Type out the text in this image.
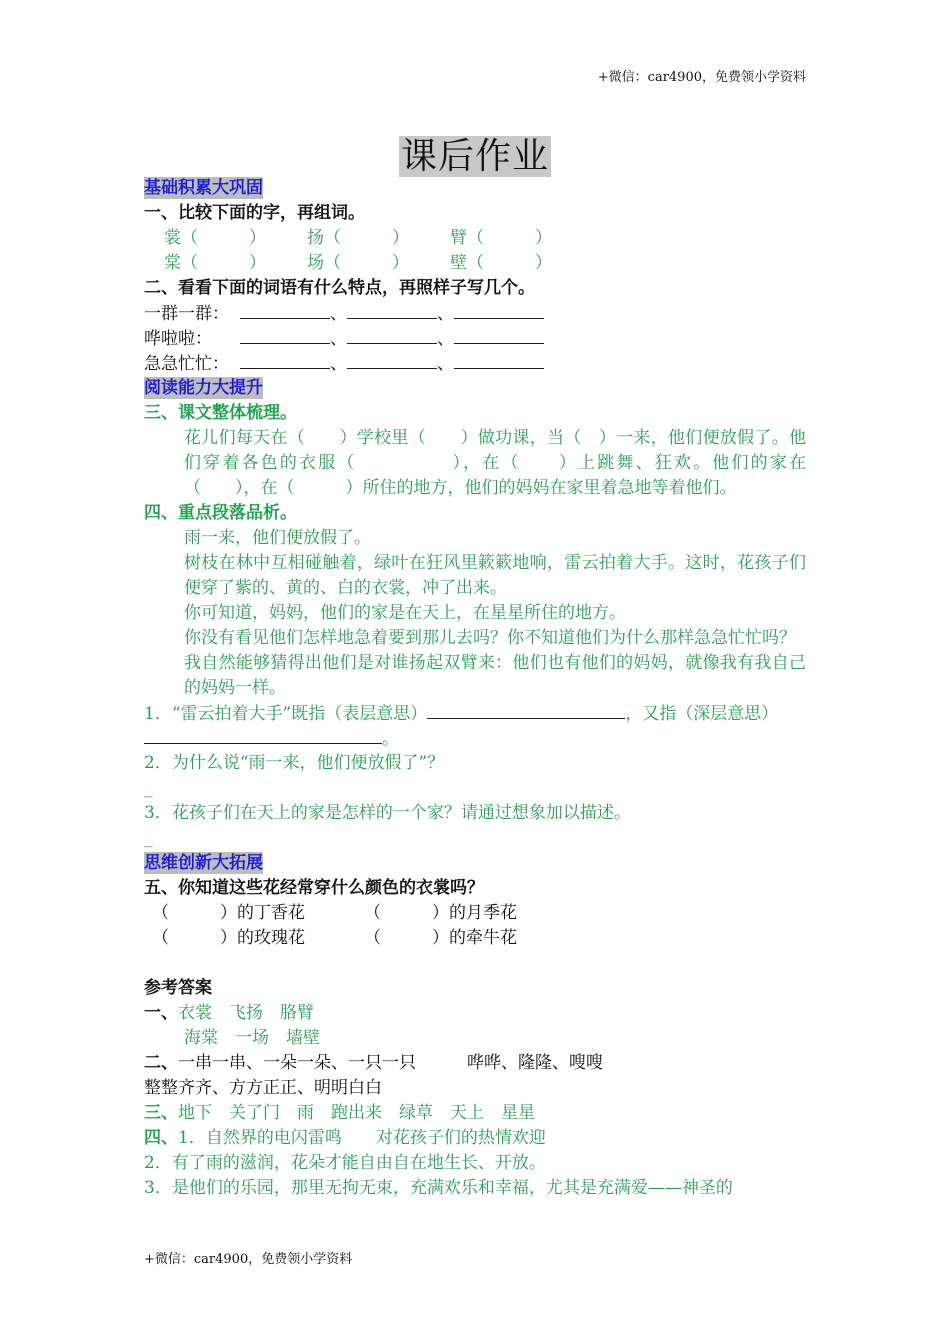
+微信：car4900，免费领小学资料
课后作业
基础积累大巩固
一、比较下面的字，再组词。
裳（　　　） 扬（　　　） 臂（　　　）
棠（　　　） 场（　　　） 壁（　　　）
二、看看下面的词语有什么特点，再照样子写几个。
一群一群：	、	、
哗啦啦：	、	、
急急忙忙：	、	、
阅读能力大提升
三、课文整体梳理。
花儿们每天在（　　）学校里（　　）做功课，当（　）一来，他们便放假了。他们穿着各色的衣服（　　　　　），在（　　）上跳舞、狂欢。他们的家在（　　），在（　　　）所住的地方，他们的妈妈在家里着急地等着他们。
四、重点段落品析。
雨一来，他们便放假了。
树枝在林中互相碰触着，绿叶在狂风里簌簌地响，雷云拍着大手。这时，花孩子们便穿了紫的、黄的、白的衣裳，冲了出来。
你可知道，妈妈，他们的家是在天上，在星星所住的地方。
你没有看见他们怎样地急着要到那儿去吗？你不知道他们为什么那样急急忙忙吗？
我自然能够猜得出他们是对谁扬起双臂来：他们也有他们的妈妈，就像我有我自己的妈妈一样。
1．“雷云拍着大手”既指（表层意思）	，又指（深层意思）
。
2．为什么说“雨一来，他们便放假了”？
_
3．花孩子们在天上的家是怎样的一个家？请通过想象加以描述。
_
思维创新大拓展
五、你知道这些花经常穿什么颜色的衣裳吗？
（　　　）的丁香花	（　　　）的月季花
（　　　）的玫瑰花	（　　　）的牵牛花
参考答案
一、衣裳　飞扬　胳臂
海棠　一场　墙壁
二、一串一串、一朵一朵、一只一只　　　哗哗、隆隆、嗖嗖
整整齐齐、方方正正、明明白白
三、地下　关了门　雨　跑出来　绿草　天上　星星
四、1．自然界的电闪雷鸣　　对花孩子们的热情欢迎
2．有了雨的滋润，花朵才能自由自在地生长、开放。
3．是他们的乐园，那里无拘无束，充满欢乐和幸福，尤其是充满爱——神圣的
+微信：car4900，免费领小学资料
